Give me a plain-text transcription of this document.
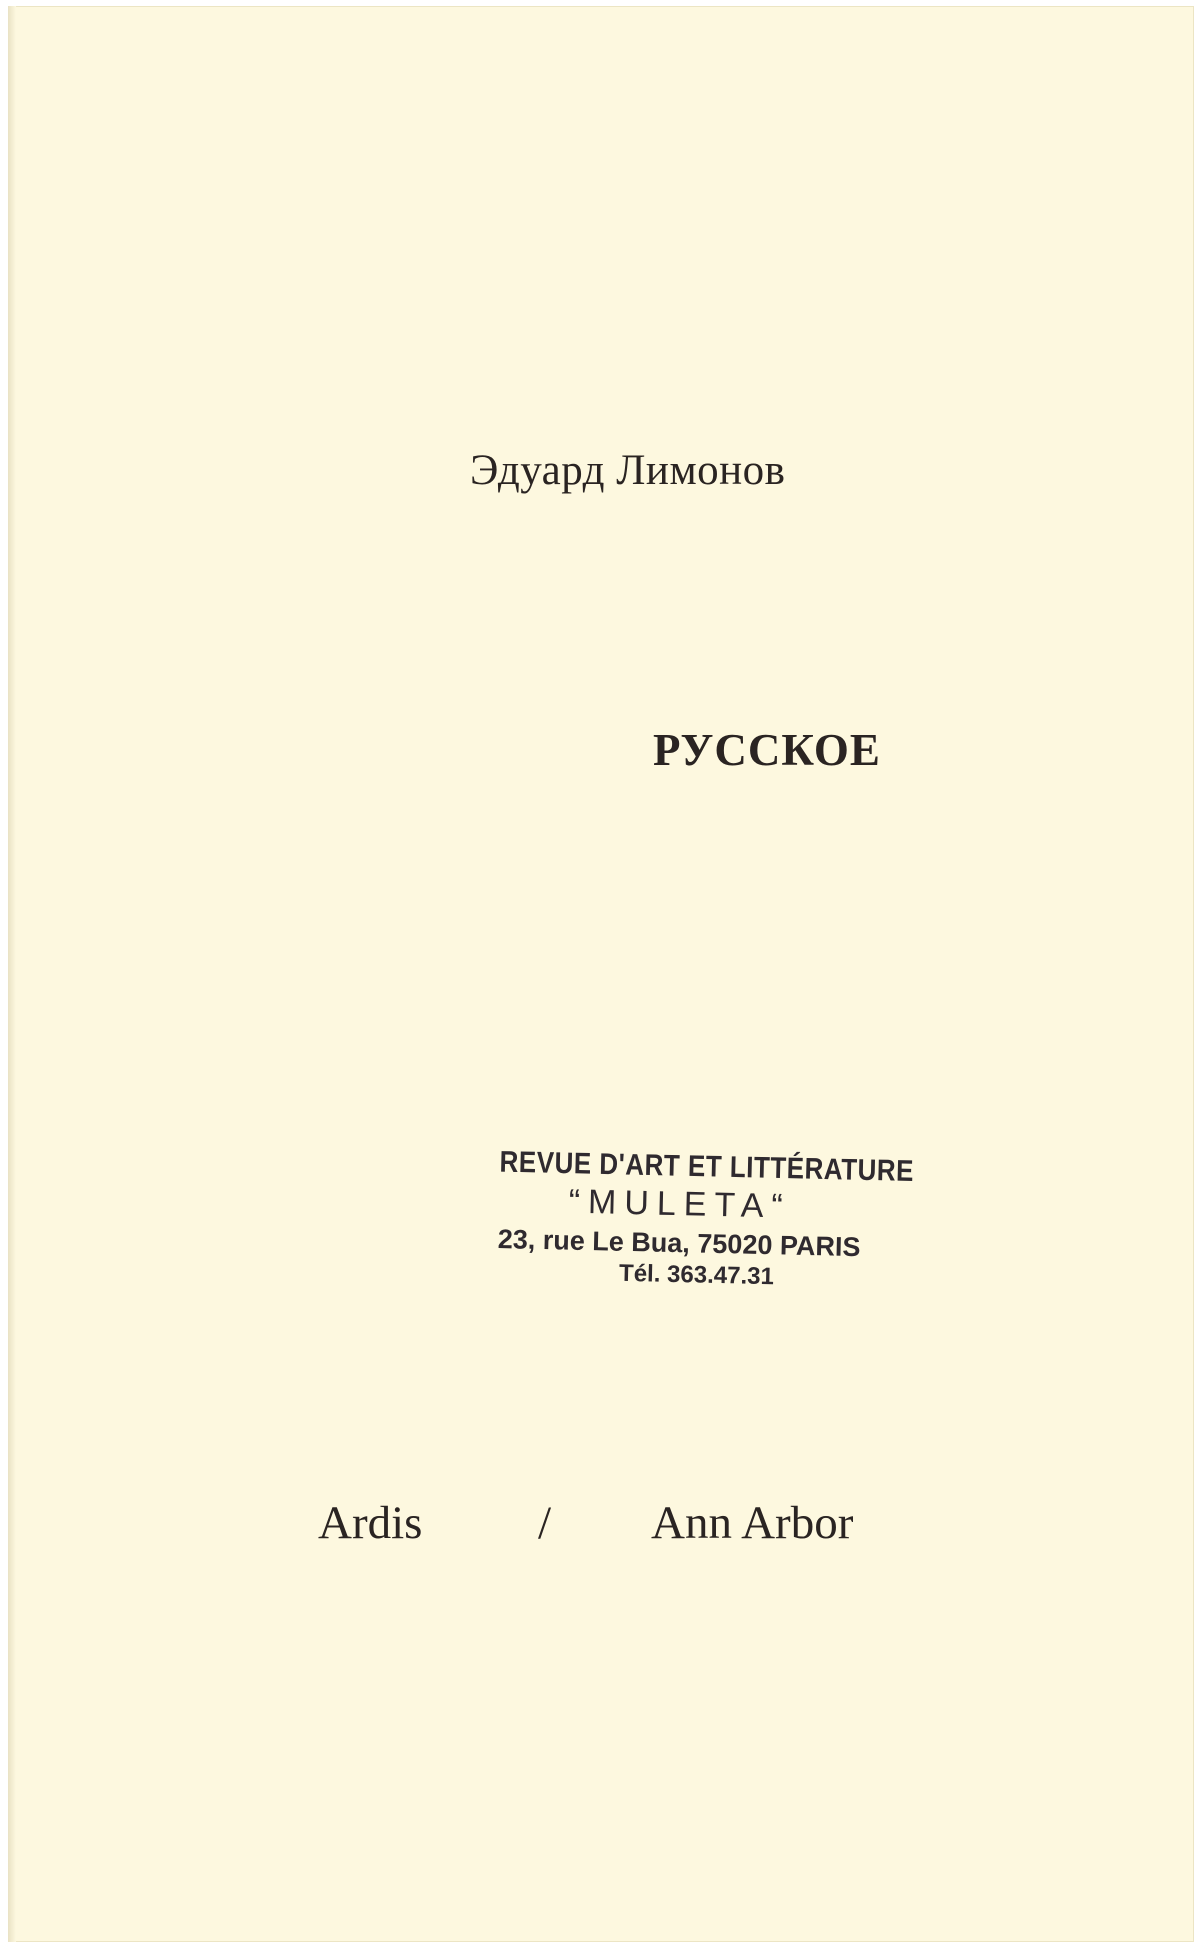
Эдуард Лимонов
РУССКОЕ
REVUE D'ART ET LITTÉRATURE
“MULETA“
23, rue Le Bua, 75020 PARIS
Tél. 363.47.31
Ardis / Ann Arbor
